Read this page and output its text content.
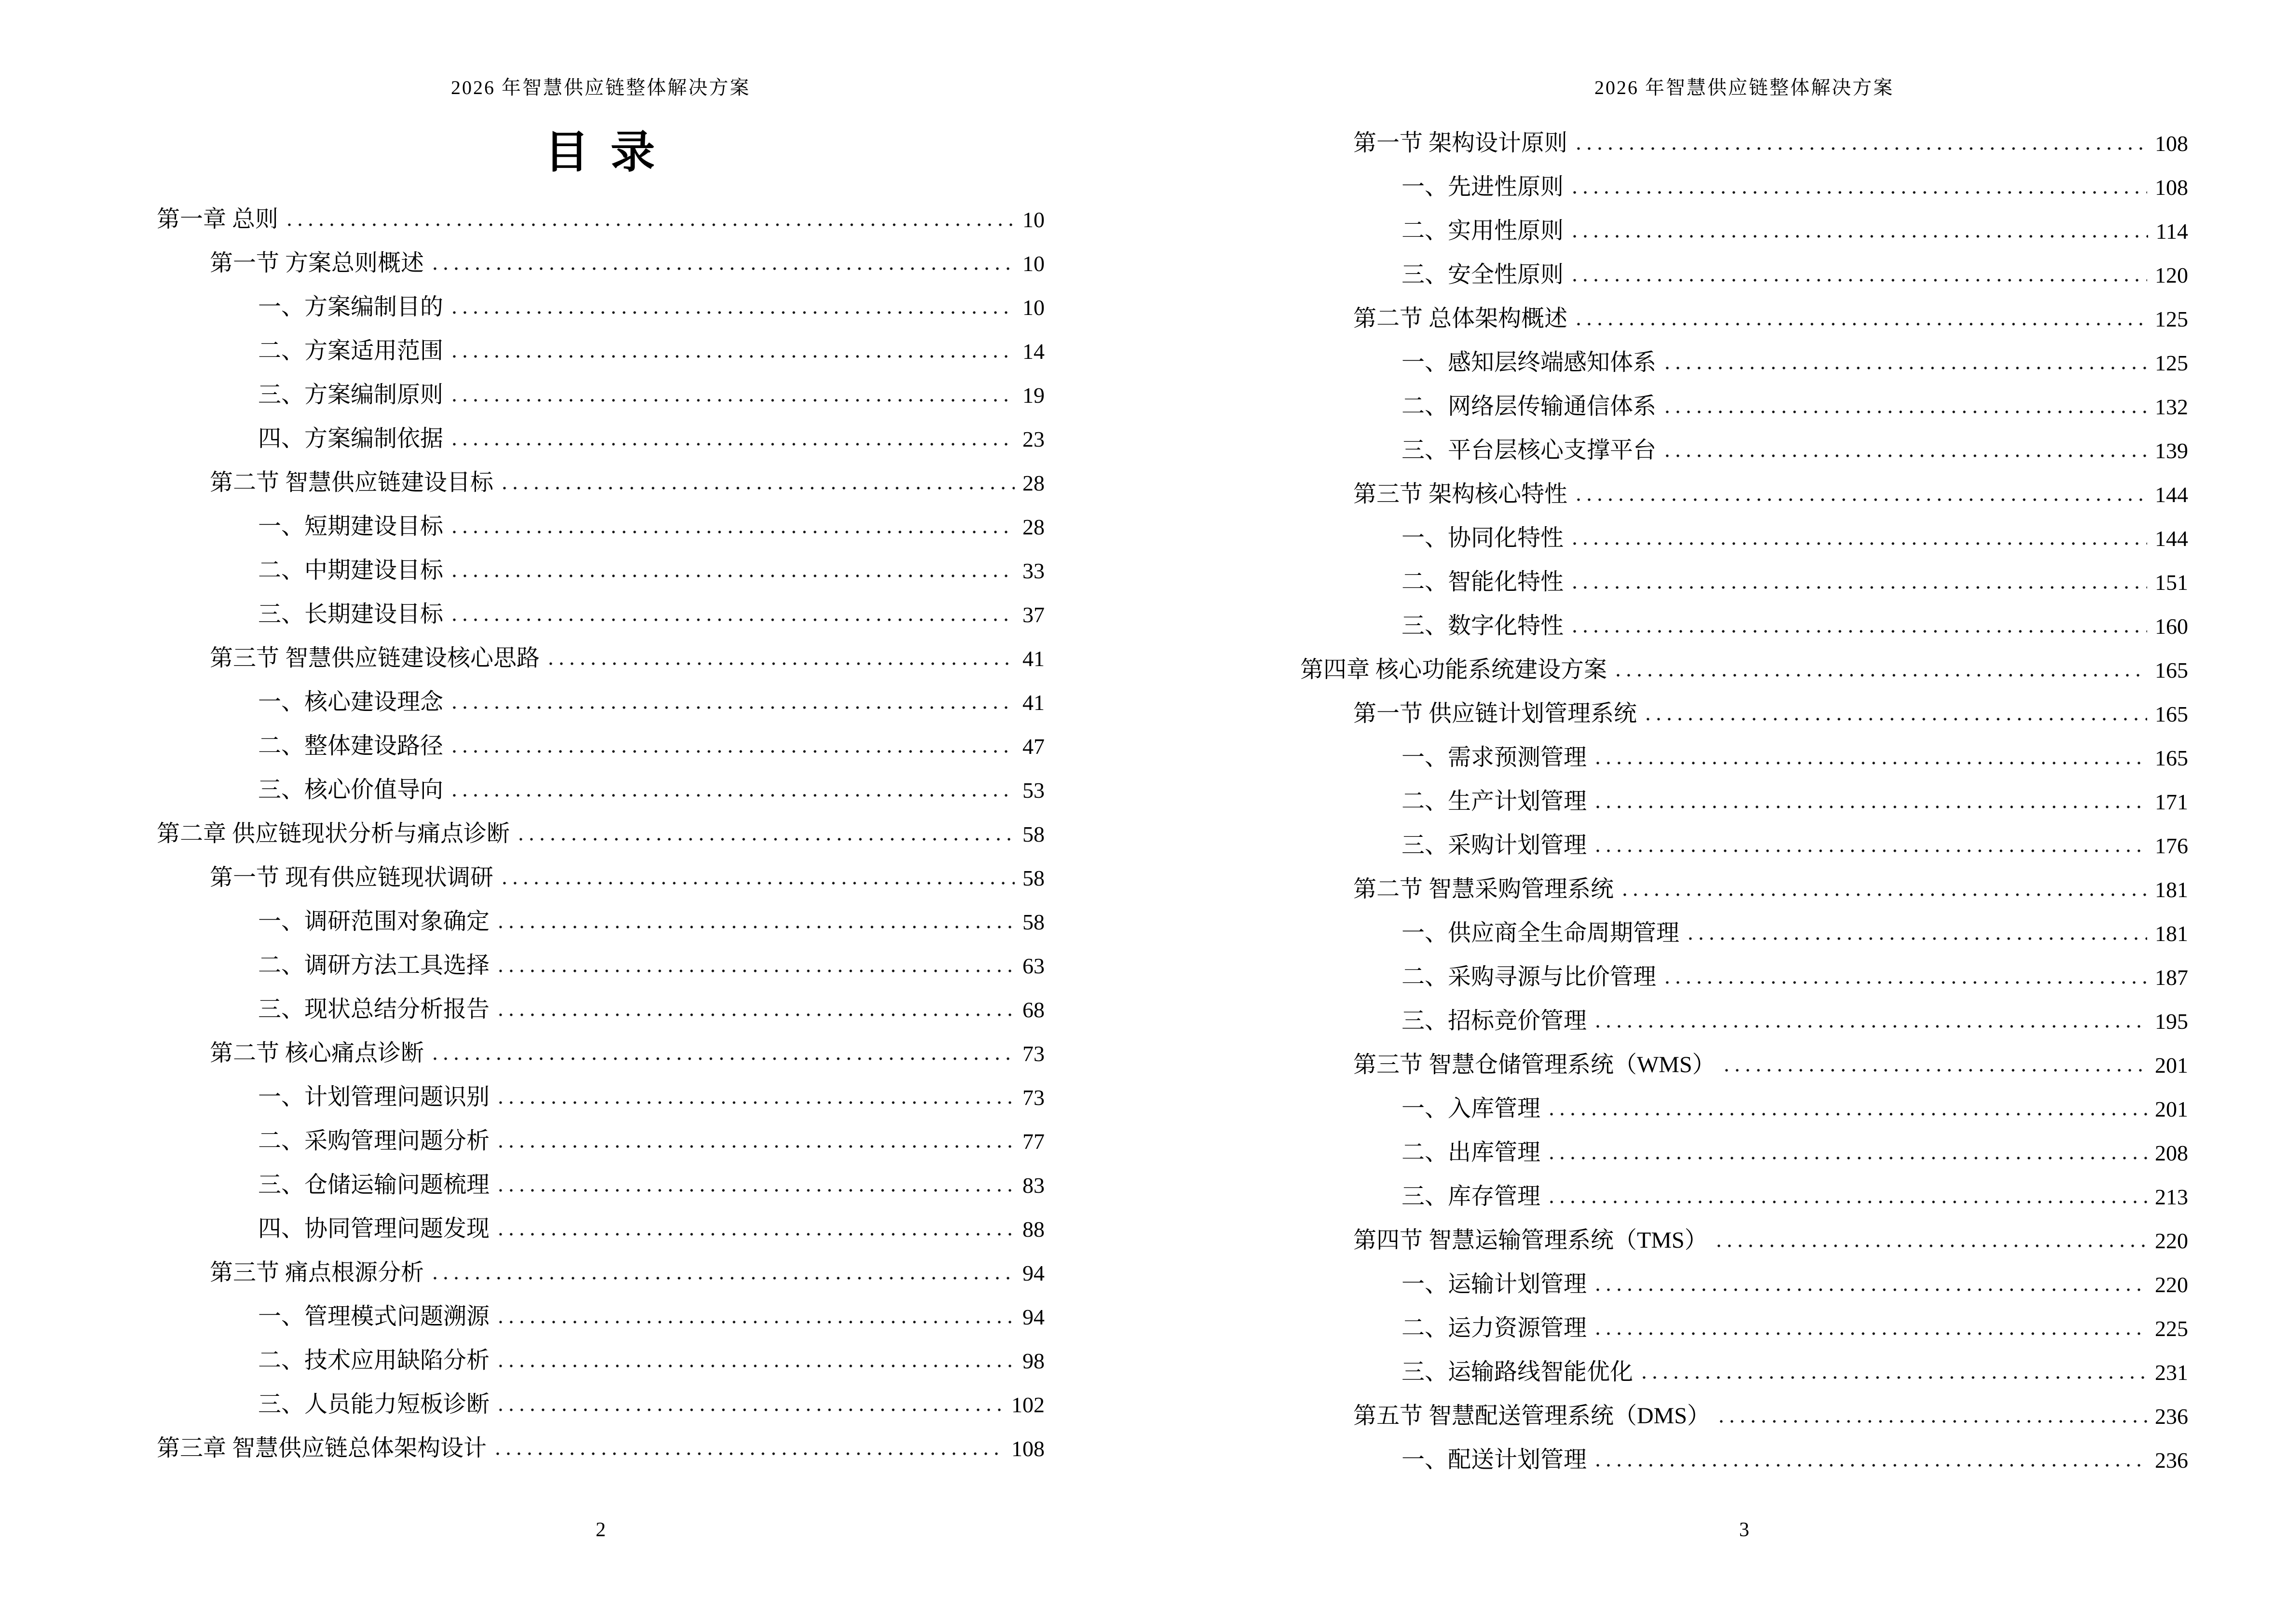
2026 年智慧供应链整体解决方案
目 录
第一章 总则	10
第一节 方案总则概述	10
一、方案编制目的	10
二、方案适用范围	14
三、方案编制原则	19
四、方案编制依据	23
第二节 智慧供应链建设目标	28
一、短期建设目标	28
二、中期建设目标	33
三、长期建设目标	37
第三节 智慧供应链建设核心思路	41
一、核心建设理念	41
二、整体建设路径	47
三、核心价值导向	53
第二章 供应链现状分析与痛点诊断	58
第一节 现有供应链现状调研	58
一、调研范围对象确定	58
二、调研方法工具选择	63
三、现状总结分析报告	68
第二节 核心痛点诊断	73
一、计划管理问题识别	73
二、采购管理问题分析	77
三、仓储运输问题梳理	83
四、协同管理问题发现	88
第三节 痛点根源分析	94
一、管理模式问题溯源	94
二、技术应用缺陷分析	98
三、人员能力短板诊断	102
第三章 智慧供应链总体架构设计	108
2
2026 年智慧供应链整体解决方案
第一节 架构设计原则	108
一、先进性原则	108
二、实用性原则	114
三、安全性原则	120
第二节 总体架构概述	125
一、感知层终端感知体系	125
二、网络层传输通信体系	132
三、平台层核心支撑平台	139
第三节 架构核心特性	144
一、协同化特性	144
二、智能化特性	151
三、数字化特性	160
第四章 核心功能系统建设方案	165
第一节 供应链计划管理系统	165
一、需求预测管理	165
二、生产计划管理	171
三、采购计划管理	176
第二节 智慧采购管理系统	181
一、供应商全生命周期管理	181
二、采购寻源与比价管理	187
三、招标竞价管理	195
第三节 智慧仓储管理系统（WMS）	201
一、入库管理	201
二、出库管理	208
三、库存管理	213
第四节 智慧运输管理系统（TMS）	220
一、运输计划管理	220
二、运力资源管理	225
三、运输路线智能优化	231
第五节 智慧配送管理系统（DMS）	236
一、配送计划管理	236
3
